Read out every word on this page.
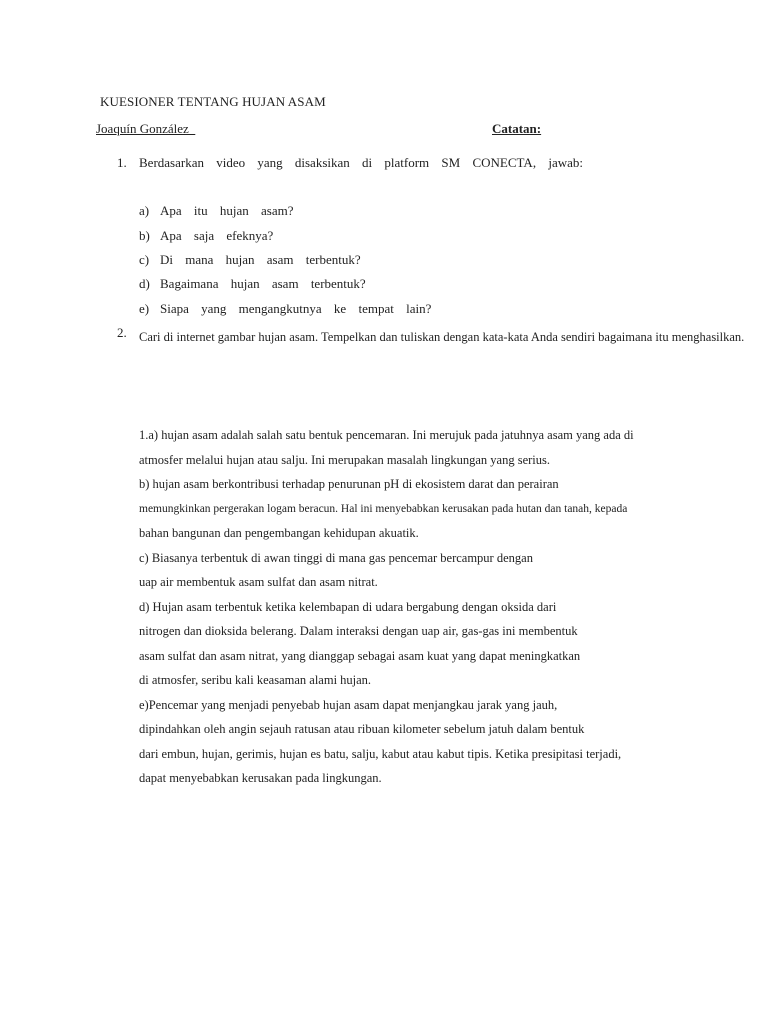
KUESIONER TENTANG HUJAN ASAM
Joaquín González	Catatan:
1. Berdasarkan video yang disaksikan di platform SM CONECTA, jawab:
a) Apa itu hujan asam?
b) Apa saja efeknya?
c) Di mana hujan asam terbentuk?
d) Bagaimana hujan asam terbentuk?
e) Siapa yang mengangkutnya ke tempat lain?
2. Cari di internet gambar hujan asam. Tempelkan dan tuliskan dengan kata-kata Anda sendiri bagaimana itu menghasilkan.
1.a) hujan asam adalah salah satu bentuk pencemaran. Ini merujuk pada jatuhnya asam yang ada di
atmosfer melalui hujan atau salju. Ini merupakan masalah lingkungan yang serius.
b) hujan asam berkontribusi terhadap penurunan pH di ekosistem darat dan perairan
memungkinkan pergerakan logam beracun. Hal ini menyebabkan kerusakan pada hutan dan tanah, kepada
bahan bangunan dan pengembangan kehidupan akuatik.
c) Biasanya terbentuk di awan tinggi di mana gas pencemar bercampur dengan
uap air membentuk asam sulfat dan asam nitrat.
d) Hujan asam terbentuk ketika kelembapan di udara bergabung dengan oksida dari
nitrogen dan dioksida belerang. Dalam interaksi dengan uap air, gas-gas ini membentuk
asam sulfat dan asam nitrat, yang dianggap sebagai asam kuat yang dapat meningkatkan
di atmosfer, seribu kali keasaman alami hujan.
e)Pencemar yang menjadi penyebab hujan asam dapat menjangkau jarak yang jauh,
dipindahkan oleh angin sejauh ratusan atau ribuan kilometer sebelum jatuh dalam bentuk
dari embun, hujan, gerimis, hujan es batu, salju, kabut atau kabut tipis. Ketika presipitasi terjadi,
dapat menyebabkan kerusakan pada lingkungan.
